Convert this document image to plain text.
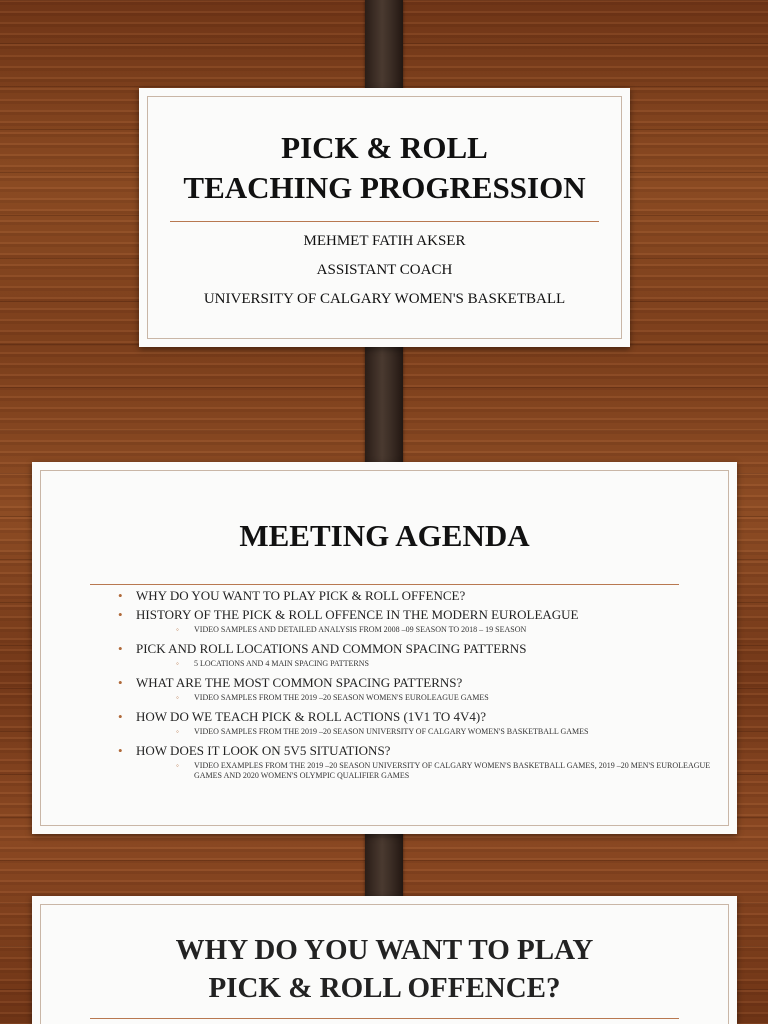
PICK & ROLL
TEACHING PROGRESSION
MEHMET FATIH AKSER
ASSISTANT COACH
UNIVERSITY OF CALGARY WOMEN'S BASKETBALL
MEETING AGENDA
• WHY DO YOU WANT TO PLAY PICK & ROLL OFFENCE?
• HISTORY OF THE PICK & ROLL OFFENCE IN THE MODERN EUROLEAGUE
◦ VIDEO SAMPLES AND DETAILED ANALYSIS FROM 2008 –09 SEASON TO 2018 – 19 SEASON
• PICK AND ROLL LOCATIONS AND COMMON SPACING PATTERNS
◦ 5 LOCATIONS AND 4 MAIN SPACING PATTERNS
• WHAT ARE THE MOST COMMON SPACING PATTERNS?
◦ VIDEO SAMPLES FROM THE 2019 –20 SEASON WOMEN'S EUROLEAGUE GAMES
• HOW DO WE TEACH PICK & ROLL ACTIONS (1V1 TO 4V4)?
◦ VIDEO SAMPLES FROM THE 2019 –20 SEASON UNIVERSITY OF CALGARY WOMEN'S BASKETBALL GAMES
• HOW DOES IT LOOK ON 5V5 SITUATIONS?
◦ VIDEO EXAMPLES FROM THE 2019 –20 SEASON UNIVERSITY OF CALGARY WOMEN'S BASKETBALL GAMES, 2019 –20 MEN'S EUROLEAGUE GAMES AND 2020 WOMEN'S OLYMPIC QUALIFIER GAMES
WHY DO YOU WANT TO PLAY
PICK & ROLL OFFENCE?
